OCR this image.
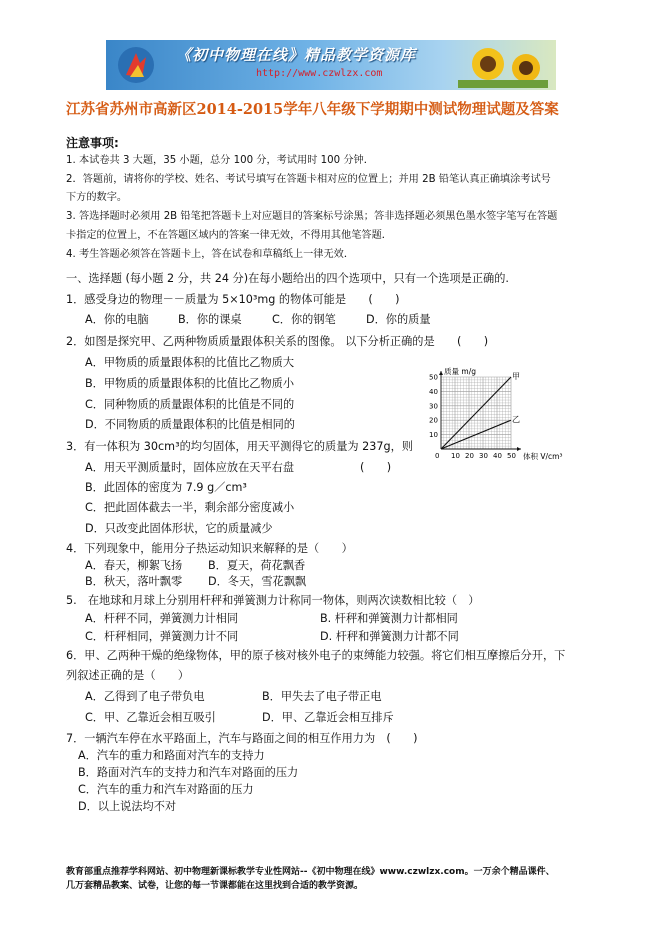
《初中物理在线》精品教学资源库
http://www.czwlzx.com
江苏省苏州市高新区2014-2015学年八年级下学期期中测试物理试题及答案
注意事项:
1. 本试卷共 3 大题，35 小题，总分 100 分，考试用时 100 分钟．
2．答题前，请将你的学校、姓名、考试号填写在答题卡相对应的位置上；并用 2B 铅笔认真正确填涂考试号
下方的数字。
3. 答选择题时必须用 2B 铅笔把答题卡上对应题目的答案标号涂黑；答非选择题必须黑色墨水签字笔写在答题
卡指定的位置上，不在答题区域内的答案一律无效，不得用其他笔答题．
4. 考生答题必须答在答题卡上，答在试卷和草稿纸上一律无效．
一、选择题 (每小题 2 分，共 24 分)在每小题给出的四个选项中，只有一个选项是正确的.
1．感受身边的物理－－质量为 5×10³mg 的物体可能是　　(　　)
A．你的电脑	B．你的课桌	C．你的钢笔	D．你的质量
2．如图是探究甲、乙两种物质质量跟体积关系的图像。 以下分析正确的是　　(　　)
A．甲物质的质量跟体积的比值比乙物质大
B．甲物质的质量跟体积的比值比乙物质小
C．同种物质的质量跟体积的比值是不同的
D．不同物质的质量跟体积的比值是相同的
甲
乙
0 10 20 30 40 50
10
20
30
40
50
质量 m/g
体积 V/cm³
3．有一体积为 30cm³的均匀固体，用天平测得它的质量为 237g，则
A．用天平测质量时，固体应放在天平右盘	(　　)
B．此固体的密度为 7.9 g／cm³
C．把此固体截去一半，剩余部分密度减小
D．只改变此固体形状，它的质量减少
4．下列现象中，能用分子热运动知识来解释的是（　　）
A．春天，柳絮飞扬 B．夏天，荷花飘香
B．秋天，落叶飘零 D．冬天，雪花飘飘
5.　在地球和月球上分别用杆秤和弹簧测力计称同一物体，则两次读数相比较（　）
A．杆秤不同，弹簧测力计相同	B. 杆秤和弹簧测力计都相同
C．杆秤相同，弹簧测力计不同	D. 杆秤和弹簧测力计都不同
6．甲、乙两种干燥的绝缘物体，甲的原子核对核外电子的束缚能力较强。将它们相互摩擦后分开，下
列叙述正确的是（　　）
A．乙得到了电子带负电	B．甲失去了电子带正电
C．甲、乙靠近会相互吸引	D．甲、乙靠近会相互排斥
7．一辆汽车停在水平路面上，汽车与路面之间的相互作用力为　(　　)
A．汽车的重力和路面对汽车的支持力
B．路面对汽车的支持力和汽车对路面的压力
C．汽车的重力和汽车对路面的压力
D．以上说法均不对
教育部重点推荐学科网站、初中物理新课标教学专业性网站--《初中物理在线》www.czwlzx.com。一万余个精品课件、
几万套精品教案、试卷，让您的每一节课都能在这里找到合适的教学资源。
